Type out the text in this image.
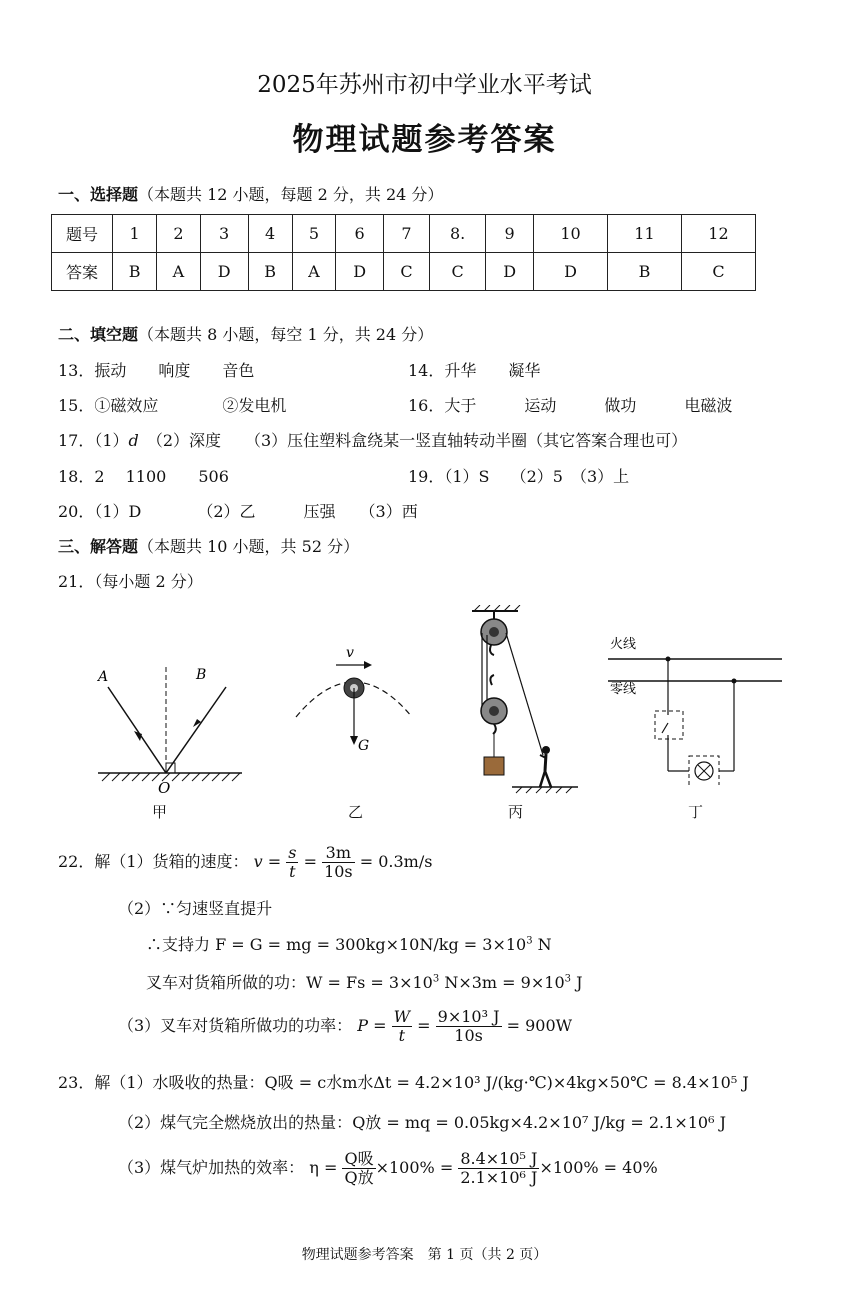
2025年苏州市初中学业水平考试
物理试题参考答案
一、选择题（本题共 12 小题，每题 2 分，共 24 分）
题号	1	2	3	4	5	6	7	8.	9	10	11	12
答案	B	A	D	B	A	D	C	C	D	D	B	C
二、填空题（本题共 8 小题，每空 1 分，共 24 分）
13．振动　　响度　　音色	14．升华　　凝华
15．①磁效应　　　　②发电机	16．大于　　　运动　　　做功　　　电磁波
17．（1）d　 （2）深度　　（3）压住塑料盒绕某一竖直轴转动半圈（其它答案合理也可）
18．2　 1100　　506	19．（1）S　 （2）5　（3）上
20．（1）D　　　　（2）乙　　　压强　　（3）西
三、解答题（本题共 10 小题，共 52 分）
21．（每小题 2 分）
A	B
O
v
G
火线
零线
甲	乙	丙	丁
22．解（1）货箱的速度： $v = \frac{s}{t} = \frac{3m}{10s} = 0.3m/s$
（2）∵匀速竖直提升
∴支持力 F = G = mg = $300kg\times 10N/kg = 3\times 10^3$ N
叉车对货箱所做的功：$W = Fs = 3\times 10^3$ $N\times 3m = 9\times 10^3$ J
（3）叉车对货箱所做功的功率： $P = \frac{W}{t} = \frac{\text{9×10³ J}}{10s} = 900W$
23．解（1）水吸收的热量：Q吸 = c水m水Δt = 4.2×10³ J/(kg·℃)×4kg×50℃ = 8.4×10⁵ J
（2）煤气完全燃烧放出的热量：Q放 = mq = 0.05kg×4.2×10⁷ J/kg = 2.1×10⁶ J
（3）煤气炉加热的效率： η = Q吸
Q放
$\times 100\% = \frac{\text{8.4×10⁵ J}}{\text{2.1×10⁶ J}} \times 100\% = 40\%$
物理试题参考答案　第 1 页（共 2 页）
